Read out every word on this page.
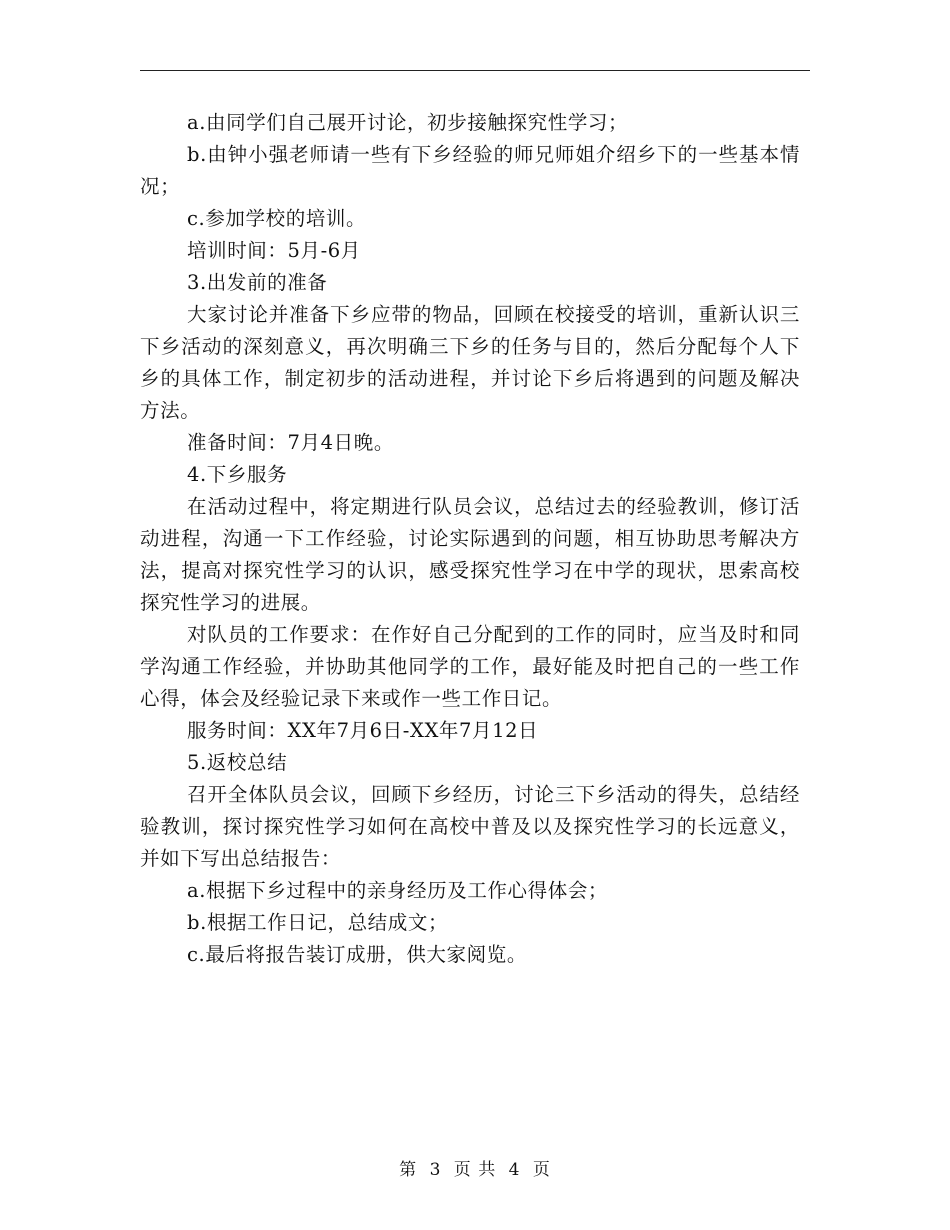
a.由同学们自己展开讨论，初步接触探究性学习；

b.由钟小强老师请一些有下乡经验的师兄师姐介绍乡下的一些基本情况；

c.参加学校的培训。

培训时间：5月-6月

3.出发前的准备

大家讨论并准备下乡应带的物品，回顾在校接受的培训，重新认识三下乡活动的深刻意义，再次明确三下乡的任务与目的，然后分配每个人下乡的具体工作，制定初步的活动进程，并讨论下乡后将遇到的问题及解决方法。

准备时间：7月4日晚。

4.下乡服务

在活动过程中，将定期进行队员会议，总结过去的经验教训，修订活动进程，沟通一下工作经验，讨论实际遇到的问题，相互协助思考解决方法，提高对探究性学习的认识，感受探究性学习在中学的现状，思索高校探究性学习的进展。

对队员的工作要求：在作好自己分配到的工作的同时，应当及时和同学沟通工作经验，并协助其他同学的工作，最好能及时把自己的一些工作心得，体会及经验记录下来或作一些工作日记。

服务时间：XX年7月6日-XX年7月12日

5.返校总结

召开全体队员会议，回顾下乡经历，讨论三下乡活动的得失，总结经验教训，探讨探究性学习如何在高校中普及以及探究性学习的长远意义，并如下写出总结报告：

a.根据下乡过程中的亲身经历及工作心得体会；

b.根据工作日记，总结成文；

c.最后将报告装订成册，供大家阅览。

第 3 页 共 4 页
